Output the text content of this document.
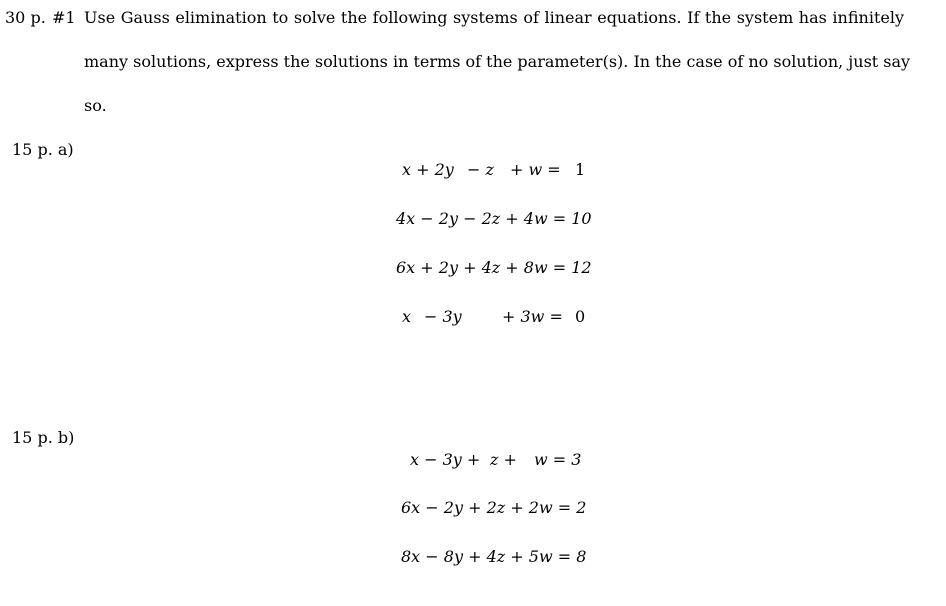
30 p. #1 Use Gauss elimination to solve the following systems of linear equations. If the system has infinitely
many solutions, express the solutions in terms of the parameter(s). In the case of no solution, just say
so.
15 p. a)
x + 2y − z + w = 1
4x − 2y − 2z + 4w = 10
6x + 2y + 4z + 8w = 12
x − 3y	+ 3w = 0
15 p. b)
x − 3y + z + w = 3
6x − 2y + 2z + 2w = 2
8x − 8y + 4z + 5w = 8
